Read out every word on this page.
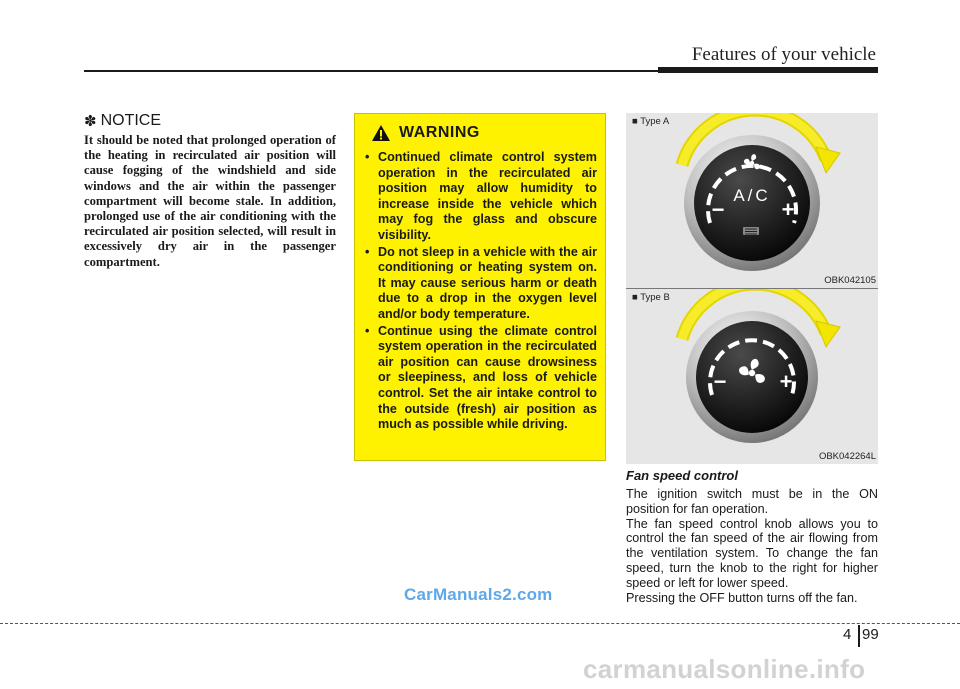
Features of your vehicle
✽ NOTICE

It should be noted that prolonged operation of the heating in recirculated air position will cause fogging of the windshield and side windows and the air within the passenger compartment will become stale. In addition, prolonged use of the air conditioning with the recirculated air position selected, will result in excessively dry air in the passenger compartment.

WARNING
• Continued climate control system operation in the recirculated air position may allow humidity to increase inside the vehicle which may fog the glass and obscure visibility.
• Do not sleep in a vehicle with the air conditioning or heating system on. It may cause serious harm or death due to a drop in the oxygen level and/or body temperature.
• Continue using the climate control system operation in the recirculated air position can cause drowsiness or sleepiness, and loss of vehicle control. Set the air intake control to the outside (fresh) air position as much as possible while driving.
A/C
−	+
■ Type A
OBK042105
− +
■ Type B
OBK042264L
Fan speed control

The ignition switch must be in the ON position for fan operation.

The fan speed control knob allows you to control the fan speed of the air flowing from the ventilation system. To change the fan speed, turn the knob to the right for higher speed or left for lower speed.

Pressing the OFF button turns off the fan.

CarManuals2.com
4 99
carmanualsonline.info
